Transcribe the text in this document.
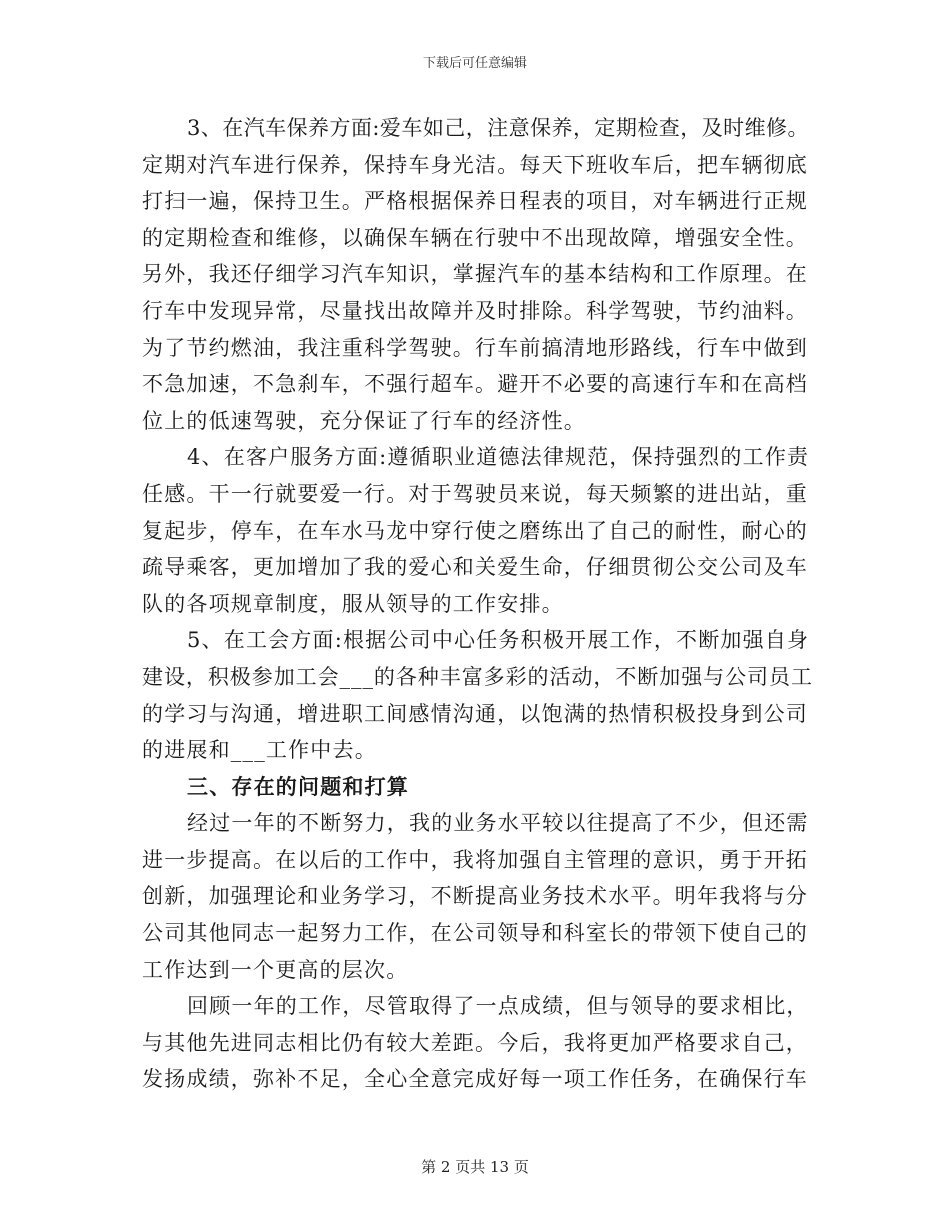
下载后可任意编辑
3、在汽车保养方面:爱车如己，注意保养，定期检查，及时维修。
定期对汽车进行保养，保持车身光洁。每天下班收车后，把车辆彻底
打扫一遍，保持卫生。严格根据保养日程表的项目，对车辆进行正规
的定期检查和维修，以确保车辆在行驶中不出现故障，增强安全性。
另外，我还仔细学习汽车知识，掌握汽车的基本结构和工作原理。在
行车中发现异常，尽量找出故障并及时排除。科学驾驶，节约油料。
为了节约燃油，我注重科学驾驶。行车前搞清地形路线，行车中做到
不急加速，不急刹车，不强行超车。避开不必要的高速行车和在高档
位上的低速驾驶，充分保证了行车的经济性。
4、在客户服务方面:遵循职业道德法律规范，保持强烈的工作责
任感。干一行就要爱一行。对于驾驶员来说，每天频繁的进出站，重
复起步，停车，在车水马龙中穿行使之磨练出了自己的耐性，耐心的
疏导乘客，更加增加了我的爱心和关爱生命，仔细贯彻公交公司及车
队的各项规章制度，服从领导的工作安排。
5、在工会方面:根据公司中心任务积极开展工作，不断加强自身
建设，积极参加工会___的各种丰富多彩的活动，不断加强与公司员工
的学习与沟通，增进职工间感情沟通，以饱满的热情积极投身到公司
的进展和___工作中去。
三、存在的问题和打算
经过一年的不断努力，我的业务水平较以往提高了不少，但还需
进一步提高。在以后的工作中，我将加强自主管理的意识，勇于开拓
创新，加强理论和业务学习，不断提高业务技术水平。明年我将与分
公司其他同志一起努力工作，在公司领导和科室长的带领下使自己的
工作达到一个更高的层次。
回顾一年的工作，尽管取得了一点成绩，但与领导的要求相比，
与其他先进同志相比仍有较大差距。今后，我将更加严格要求自己，
发扬成绩，弥补不足，全心全意完成好每一项工作任务，在确保行车
第 2 页共 13 页
